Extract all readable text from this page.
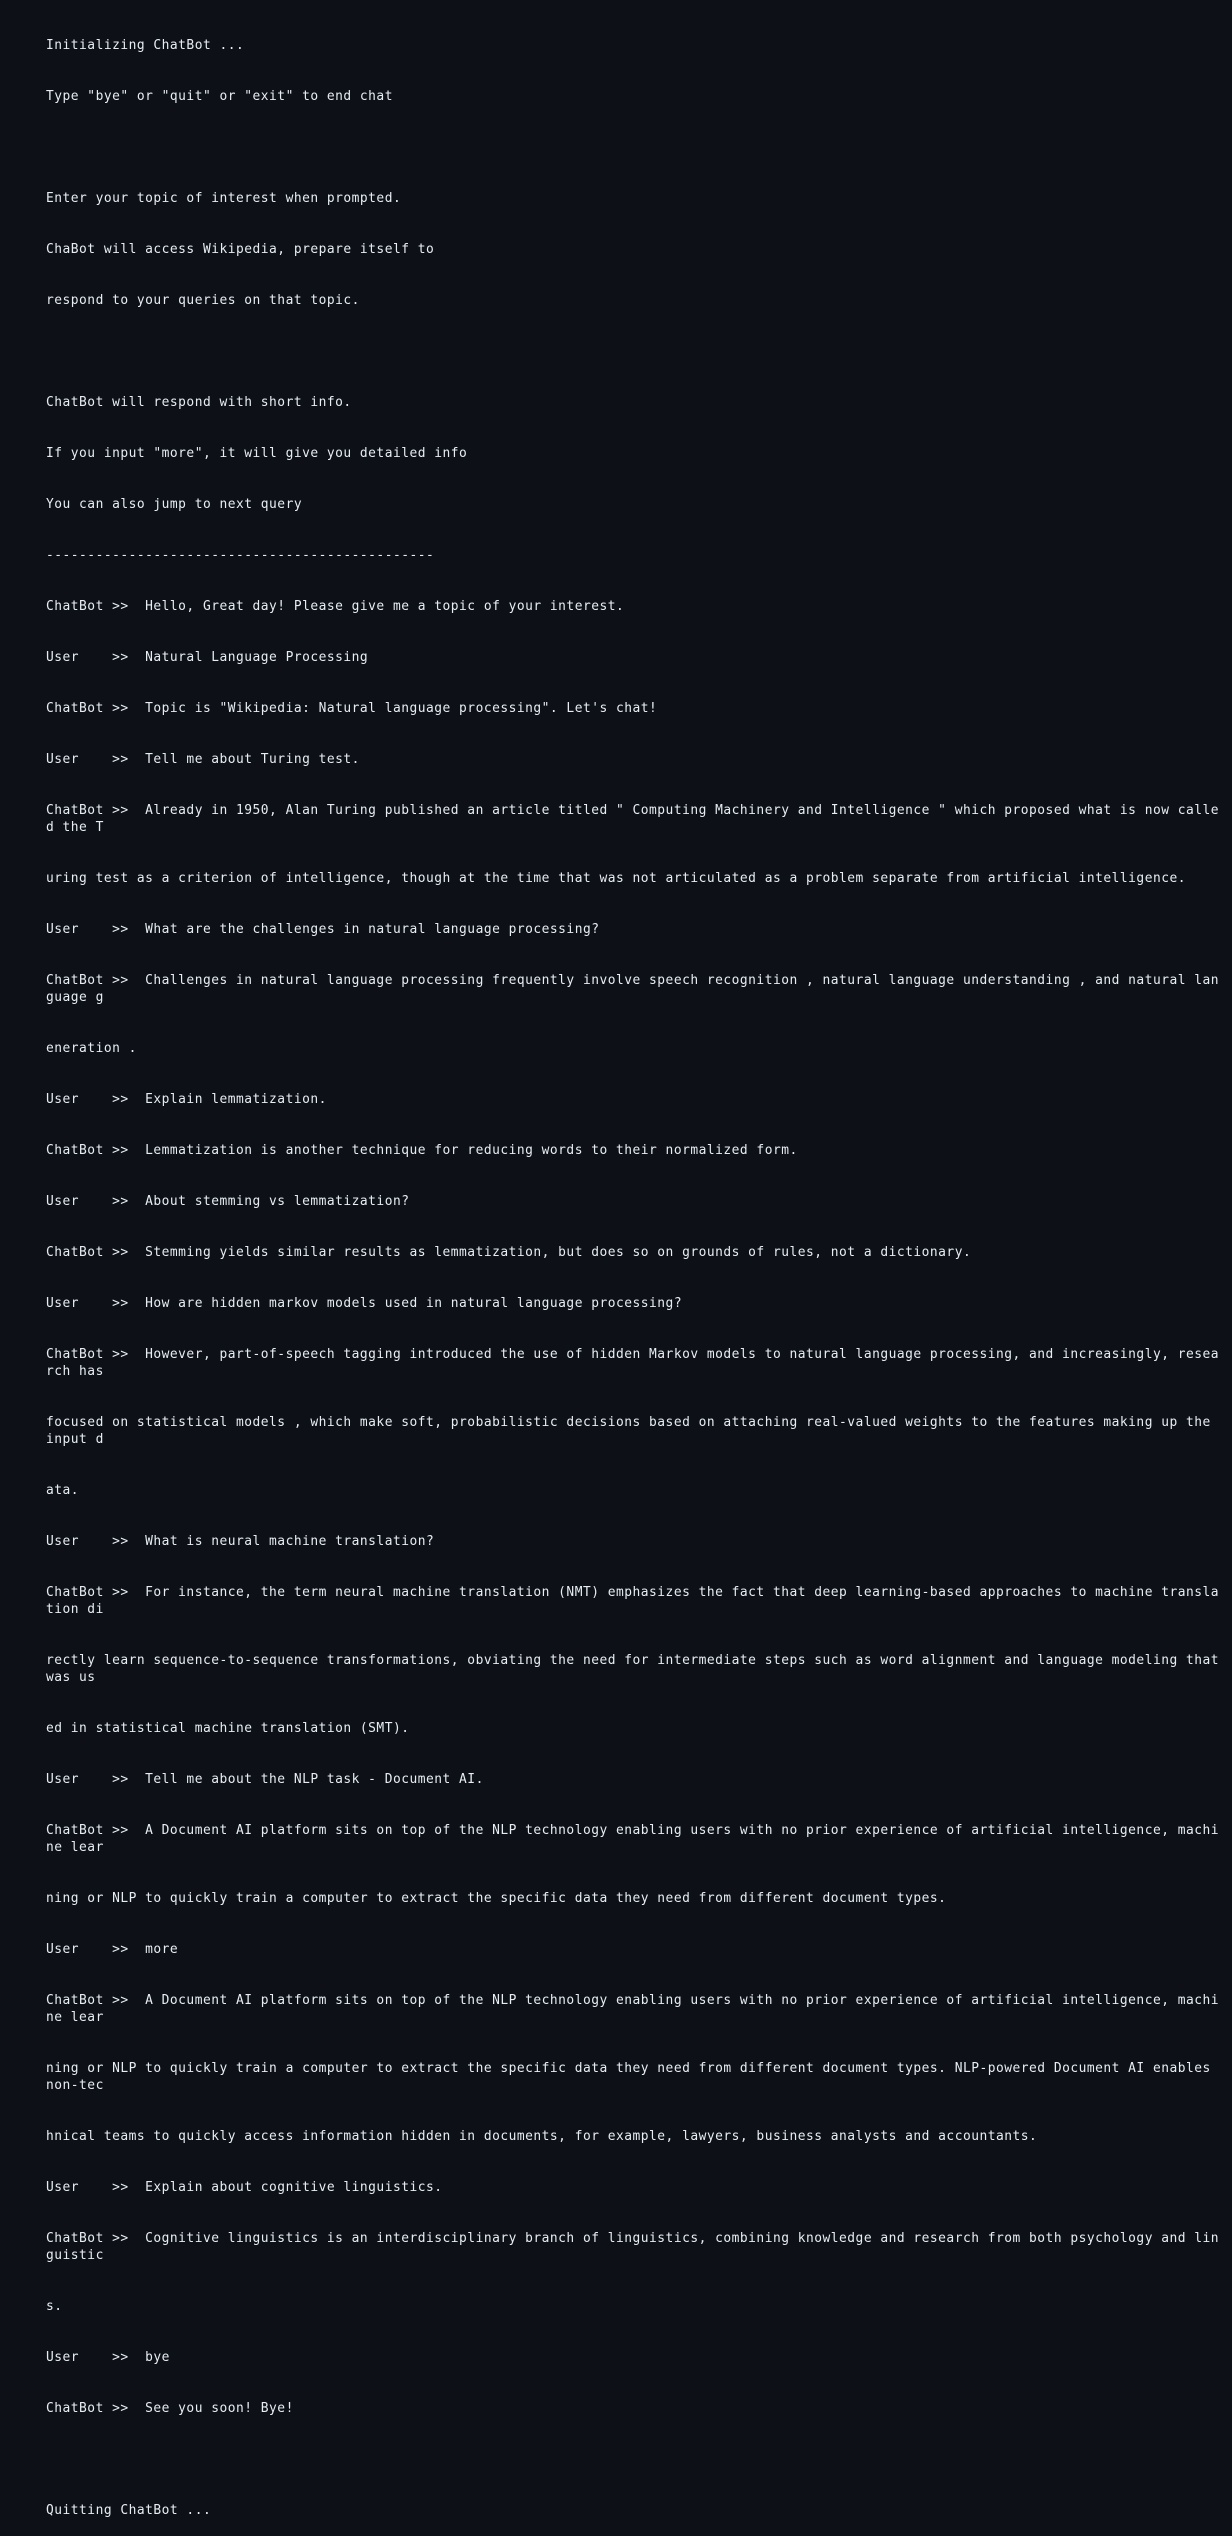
Initializing ChatBot ...

Type "bye" or "quit" or "exit" to end chat

Enter your topic of interest when prompted.

ChaBot will access Wikipedia, prepare itself to

respond to your queries on that topic.

ChatBot will respond with short info.

If you input "more", it will give you detailed info

You can also jump to next query

-----------------------------------------------

ChatBot >>  Hello, Great day! Please give me a topic of your interest.

User    >>  Natural Language Processing

ChatBot >>  Topic is "Wikipedia: Natural language processing". Let's chat!

User    >>  Tell me about Turing test.

ChatBot >>  Already in 1950, Alan Turing published an article titled " Computing Machinery and Intelligence " which proposed what is now called the T

uring test as a criterion of intelligence, though at the time that was not articulated as a problem separate from artificial intelligence.

User    >>  What are the challenges in natural language processing?

ChatBot >>  Challenges in natural language processing frequently involve speech recognition , natural language understanding , and natural language g

eneration .

User    >>  Explain lemmatization.

ChatBot >>  Lemmatization is another technique for reducing words to their normalized form.

User    >>  About stemming vs lemmatization?

ChatBot >>  Stemming yields similar results as lemmatization, but does so on grounds of rules, not a dictionary.

User    >>  How are hidden markov models used in natural language processing?

ChatBot >>  However, part-of-speech tagging introduced the use of hidden Markov models to natural language processing, and increasingly, research has

focused on statistical models , which make soft, probabilistic decisions based on attaching real-valued weights to the features making up the input d

ata.

User    >>  What is neural machine translation?

ChatBot >>  For instance, the term neural machine translation (NMT) emphasizes the fact that deep learning-based approaches to machine translation di

rectly learn sequence-to-sequence transformations, obviating the need for intermediate steps such as word alignment and language modeling that was us

ed in statistical machine translation (SMT).

User    >>  Tell me about the NLP task - Document AI.

ChatBot >>  A Document AI platform sits on top of the NLP technology enabling users with no prior experience of artificial intelligence, machine lear

ning or NLP to quickly train a computer to extract the specific data they need from different document types.

User    >>  more

ChatBot >>  A Document AI platform sits on top of the NLP technology enabling users with no prior experience of artificial intelligence, machine lear

ning or NLP to quickly train a computer to extract the specific data they need from different document types. NLP-powered Document AI enables non-tec

hnical teams to quickly access information hidden in documents, for example, lawyers, business analysts and accountants.

User    >>  Explain about cognitive linguistics.

ChatBot >>  Cognitive linguistics is an interdisciplinary branch of linguistics, combining knowledge and research from both psychology and linguistic

s.

User    >>  bye

ChatBot >>  See you soon! Bye!

Quitting ChatBot ...
